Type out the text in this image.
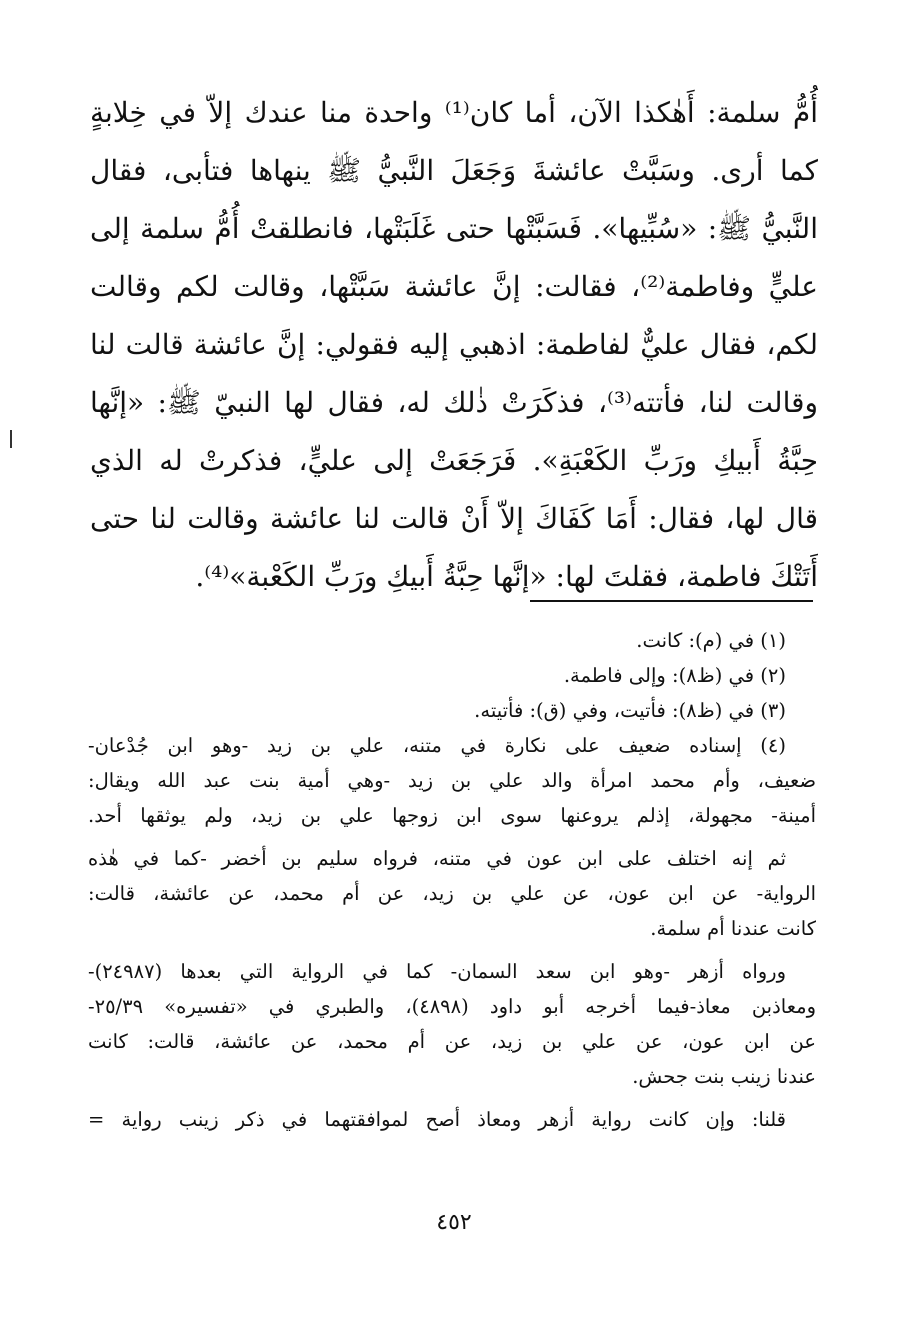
أُمُّ سلمة: أَهٰكذا الآن، أما كان⁽¹⁾ واحدة منا عندك إلاّ في خِلابةٍ
كما أرى. وسَبَّتْ عائشةَ وَجَعَلَ النَّبيُّ ﷺ ينهاها فتأبى، فقال
النَّبيُّ ﷺ: «سُبِّيها». فَسَبَّتْها حتى غَلَبَتْها، فانطلقتْ أُمُّ سلمة إلى
عليٍّ وفاطمة⁽²⁾، فقالت: إنَّ عائشة سَبَّتْها، وقالت لكم وقالت
لكم، فقال عليٌّ لفاطمة: اذهبي إليه فقولي: إنَّ عائشة قالت لنا
وقالت لنا، فأتته⁽³⁾، فذكَرَتْ ذٰلك له، فقال لها النبيّ ﷺ: «إنَّها
حِبَّةُ أَبيكِ ورَبِّ الكَعْبَةِ». فَرَجَعَتْ إلى عليٍّ، فذكرتْ له الذي
قال لها، فقال: أَمَا كَفَاكَ إلاّ أَنْ قالت لنا عائشة وقالت لنا حتى
أَتَتْكَ فاطمة، فقلتَ لها: «إنَّها حِبَّةُ أَبيكِ ورَبِّ الكَعْبة»⁽⁴⁾.
(١) في (م): كانت.
(٢) في (ظ٨): وإلى فاطمة.
(٣) في (ظ٨): فأتيت، وفي (ق): فأتيته.
(٤) إسناده ضعيف على نكارة في متنه، علي بن زيد -وهو ابن جُدْعان-
ضعيف، وأم محمد امرأة والد علي بن زيد -وهي أمية بنت عبد الله ويقال:
أمينة- مجهولة، إذلم يروعنها سوى ابن زوجها علي بن زيد، ولم يوثقها أحد.
ثم إنه اختلف على ابن عون في متنه، فرواه سليم بن أخضر -كما في هٰذه
الرواية- عن ابن عون، عن علي بن زيد، عن أم محمد، عن عائشة، قالت:
كانت عندنا أم سلمة.
ورواه أزهر -وهو ابن سعد السمان- كما في الرواية التي بعدها (٢٤٩٨٧)-
ومعاذبن معاذ-فيما أخرجه أبو داود (٤٨٩٨)، والطبري في «تفسيره» ٢٥/٣٩-
عن ابن عون، عن علي بن زيد، عن أم محمد، عن عائشة، قالت: كانت
عندنا زينب بنت جحش.
قلنا: وإن كانت رواية أزهر ومعاذ أصح لموافقتهما في ذكر زينب رواية =
٤٥٢
